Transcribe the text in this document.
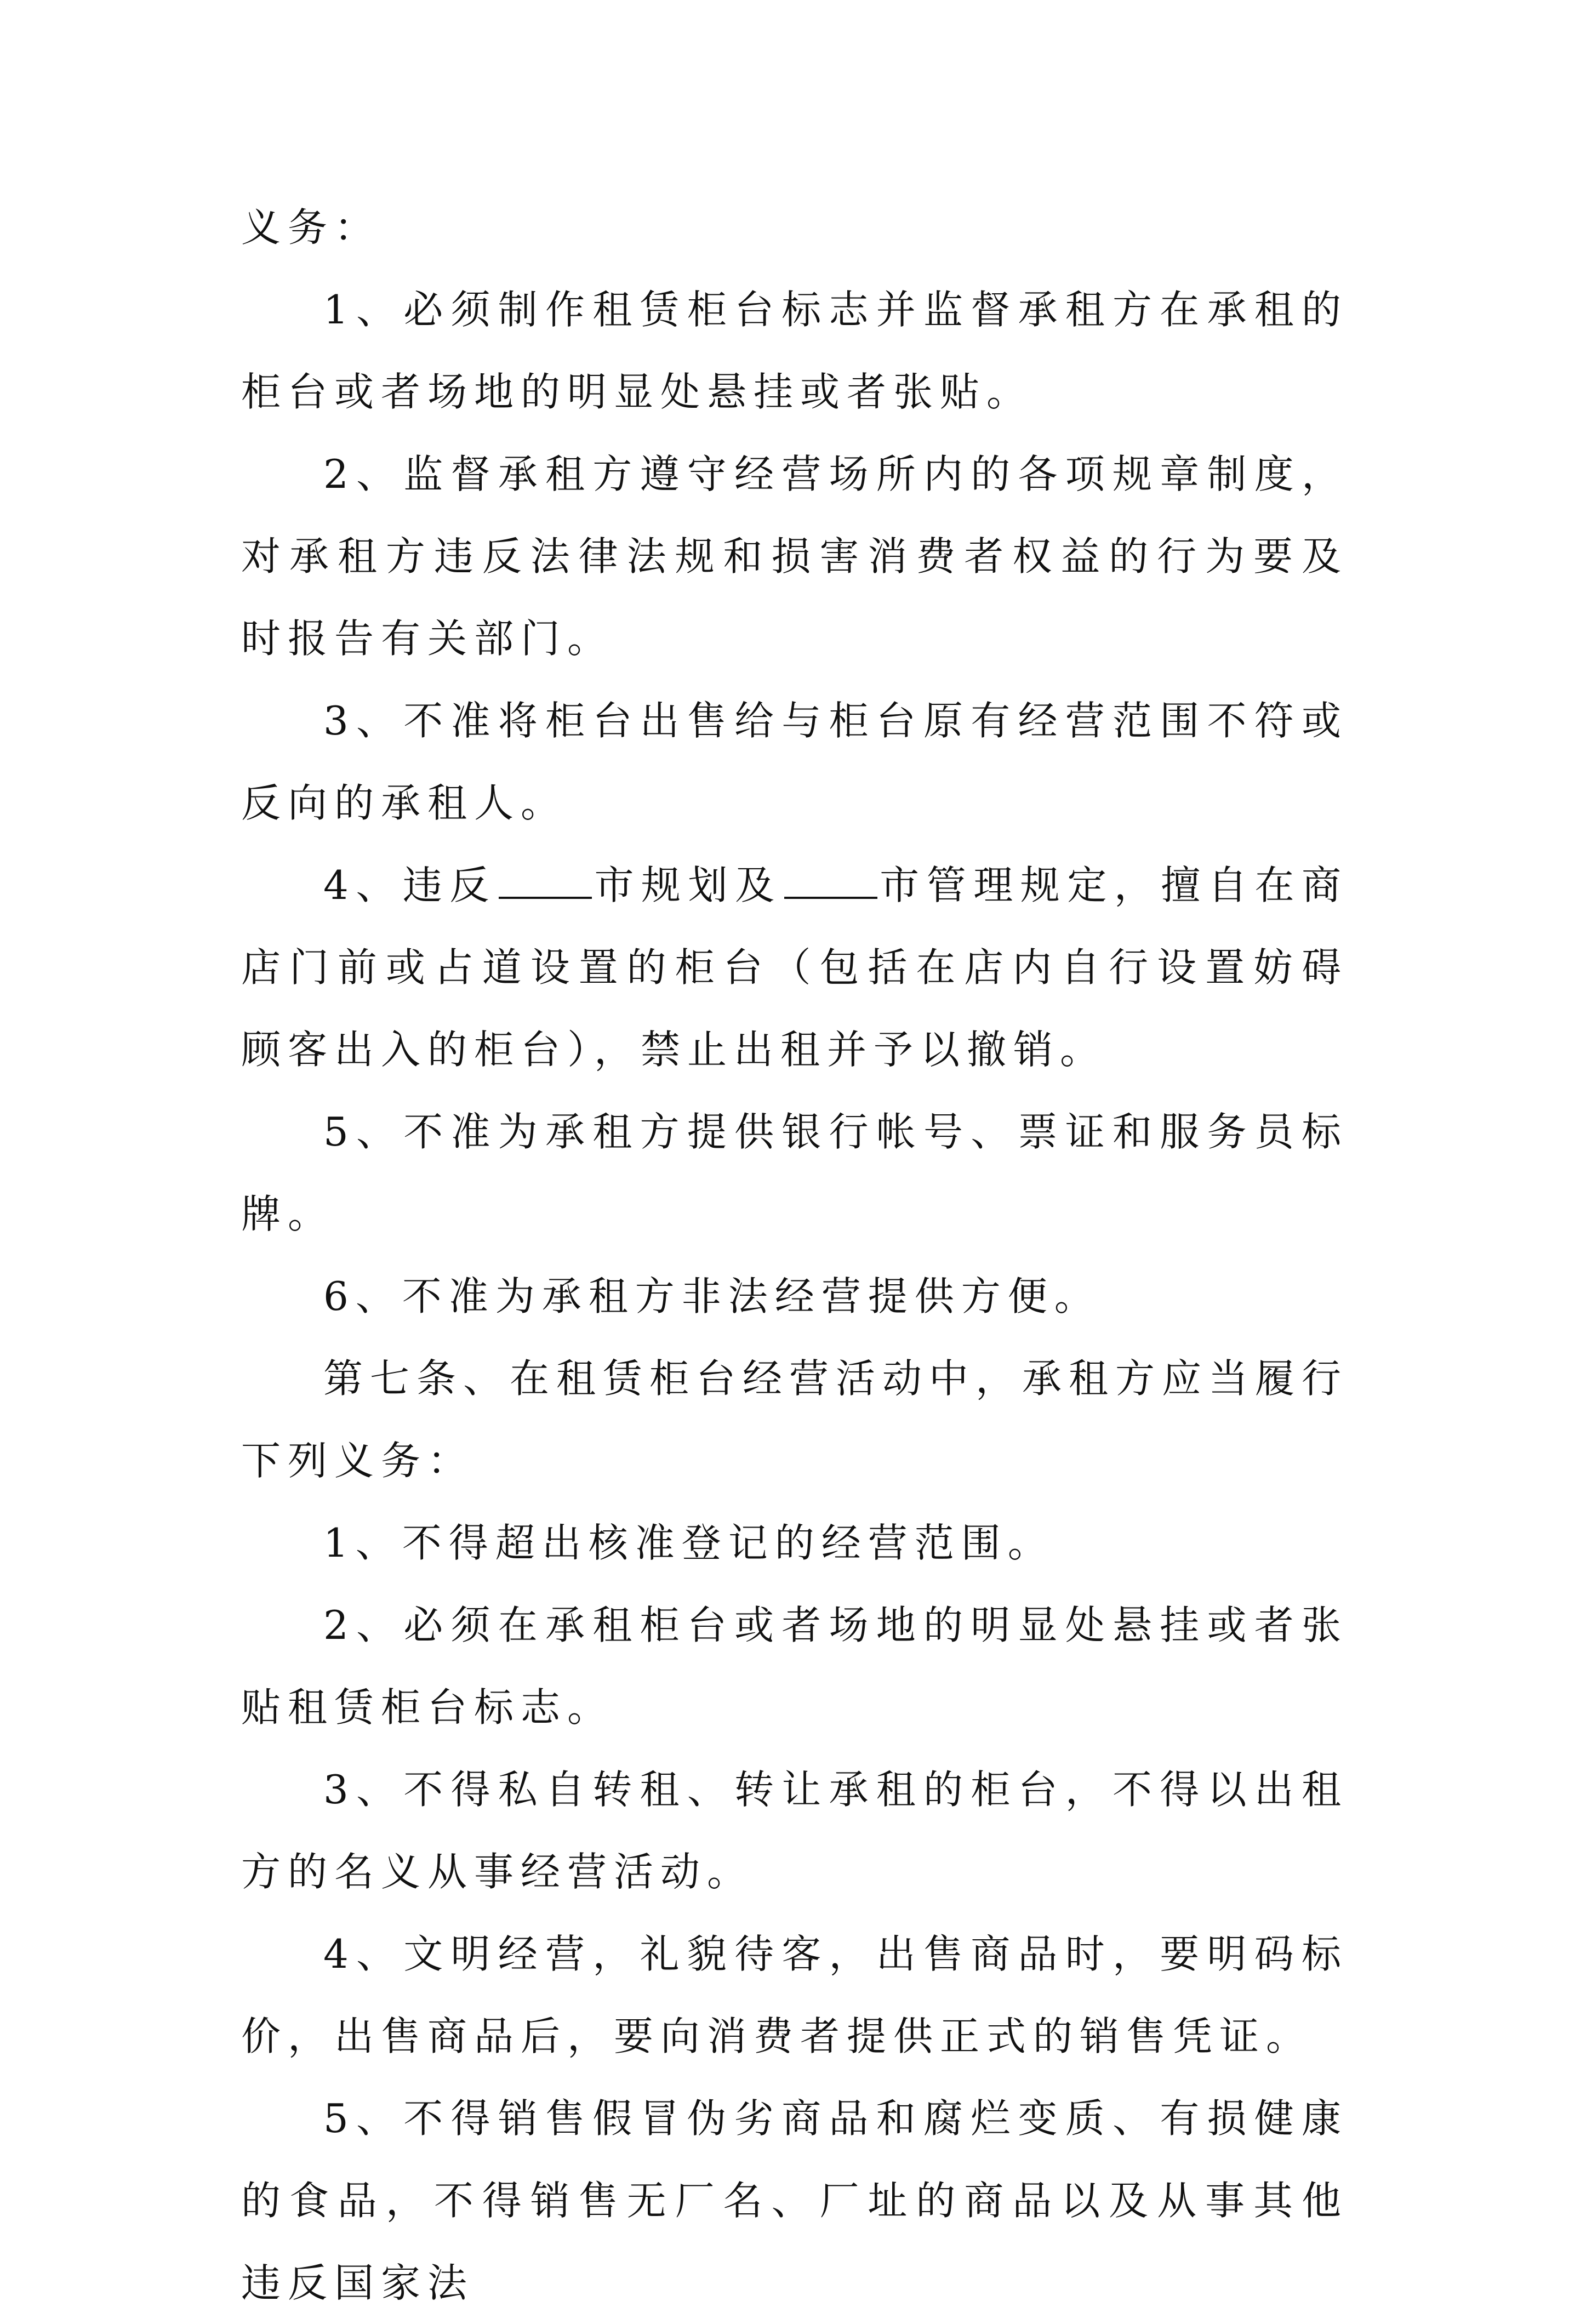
义务：

1、必须制作租赁柜台标志并监督承租方在承租的柜台或者场地的明显处悬挂或者张贴。

2、监督承租方遵守经营场所内的各项规章制度，对承租方违反法律法规和损害消费者权益的行为要及时报告有关部门。

3、不准将柜台出售给与柜台原有经营范围不符或反向的承租人。

4、违反 市规划及 市管理规定，擅自在商店门前或占道设置的柜台（包括在店内自行设置妨碍顾客出入的柜台），禁止出租并予以撤销。

5、不准为承租方提供银行帐号、票证和服务员标牌。

6、不准为承租方非法经营提供方便。

第七条、在租赁柜台经营活动中，承租方应当履行下列义务：

1、不得超出核准登记的经营范围。

2、必须在承租柜台或者场地的明显处悬挂或者张贴租赁柜台标志。

3、不得私自转租、转让承租的柜台，不得以出租方的名义从事经营活动。

4、文明经营，礼貌待客，出售商品时，要明码标价，出售商品后，要向消费者提供正式的销售凭证。

5、不得销售假冒伪劣商品和腐烂变质、有损健康的食品，不得销售无厂名、厂址的商品以及从事其他违反国家法
